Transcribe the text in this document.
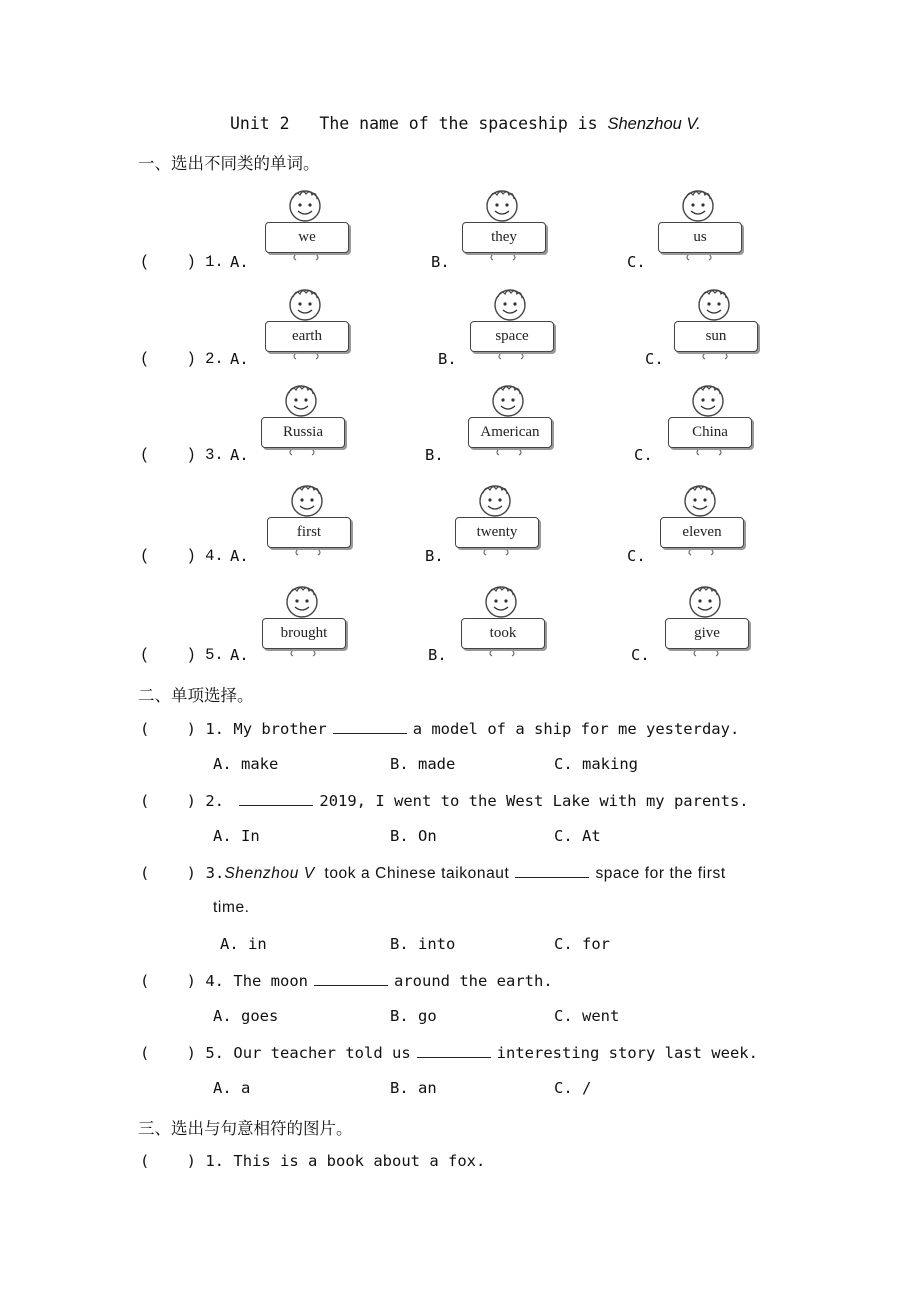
Unit 2   The name of the spaceship is Shenzhou V.
一、选出不同类的单词。
(    ) 1. A.
we
B.
they
C.
us
(    ) 2. A.
earth
B.
space
C.
sun
(    ) 3. A.
Russia
B.
American
C.
China
(    ) 4. A.
first
B.
twenty
C.
eleven
(    ) 5. A.
brought
B.
took
C.
give
二、单项选择。
(    ) 1. My brother	a model of a ship for me yesterday.
A. make	B. made	C. making
(    ) 2.	2019, I went to the West Lake with my parents.
A. In	B. On	C. At
(    ) 3.Shenzhou V took a Chinese taikonaut	space for the first
time.
A. in	B. into	C. for
(    ) 4. The moon	around the earth.
A. goes	B. go	C. went
(    ) 5. Our teacher told us	interesting story last week.
A. a	B. an	C. /
三、选出与句意相符的图片。
(    ) 1. This is a book about a fox.
